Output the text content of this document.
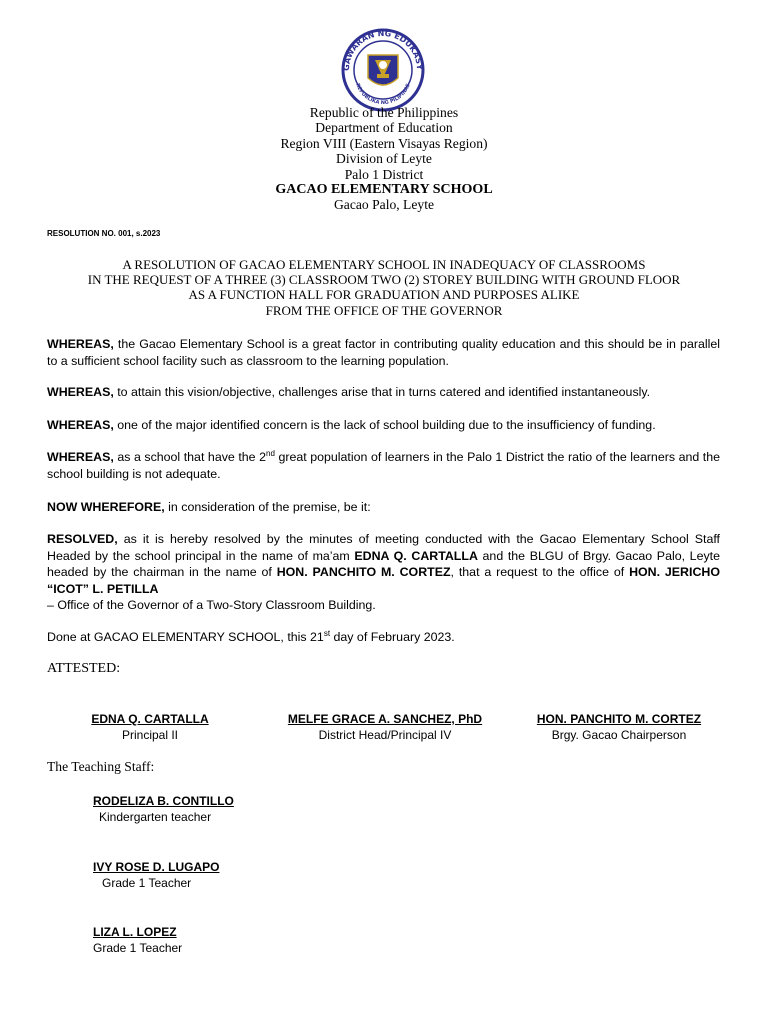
GAWARAN NG EDUKASY
REPUBLIKA NG PILIPINAS
Republic of the Philippines
Department of Education
Region VIII (Eastern Visayas Region)
Division of Leyte
Palo 1 District
GACAO ELEMENTARY SCHOOL
Gacao Palo, Leyte
RESOLUTION NO. 001, s.2023
A RESOLUTION OF GACAO ELEMENTARY SCHOOL IN INADEQUACY OF CLASSROOMS
IN THE REQUEST OF A THREE (3) CLASSROOM TWO (2) STOREY BUILDING WITH GROUND FLOOR
AS A FUNCTION HALL FOR GRADUATION AND PURPOSES ALIKE
FROM THE OFFICE OF THE GOVERNOR

WHEREAS, the Gacao Elementary School is a great factor in contributing quality education and this should be in parallel to a sufficient school facility such as classroom to the learning population.

WHEREAS, to attain this vision/objective, challenges arise that in turns catered and identified instantaneously.

WHEREAS, one of the major identified concern is the lack of school building due to the insufficiency of funding.

WHEREAS, as a school that have the 2nd great population of learners in the Palo 1 District the ratio of the learners and the school building is not adequate.

NOW WHEREFORE, in consideration of the premise, be it:

RESOLVED, as it is hereby resolved by the minutes of meeting conducted with the Gacao Elementary School Staff Headed by the school principal in the name of ma’am EDNA Q. CARTALLA and the BLGU of Brgy. Gacao Palo, Leyte headed by the chairman in the name of HON. PANCHITO M. CORTEZ, that a request to the office of HON. JERICHO “ICOT” L. PETILLA

– Office of the Governor of a Two-Story Classroom Building.

Done at GACAO ELEMENTARY SCHOOL, this 21st day of February 2023.

ATTESTED:
EDNA Q. CARTALLA
Principal II
MELFE GRACE A. SANCHEZ, PhD
District Head/Principal IV
HON. PANCHITO M. CORTEZ
Brgy. Gacao Chairperson
The Teaching Staff:
RODELIZA B. CONTILLO
Kindergarten teacher
IVY ROSE D. LUGAPO
Grade 1 Teacher
LIZA L. LOPEZ
Grade 1 Teacher
